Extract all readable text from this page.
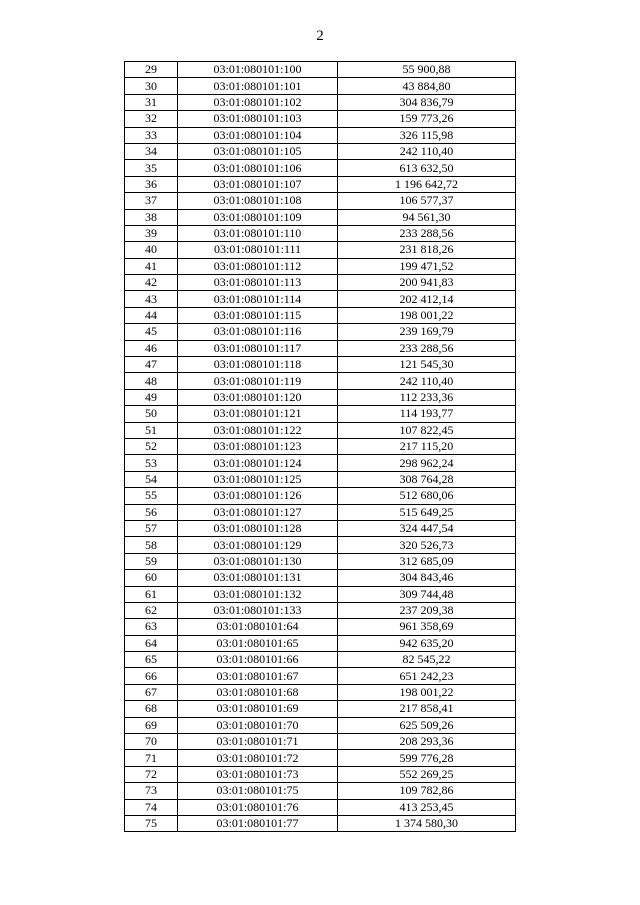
2
29	03:01:080101:100	55 900,88
30	03:01:080101:101	43 884,80
31	03:01:080101:102	304 836,79
32	03:01:080101:103	159 773,26
33	03:01:080101:104	326 115,98
34	03:01:080101:105	242 110,40
35	03:01:080101:106	613 632,50
36	03:01:080101:107	1 196 642,72
37	03:01:080101:108	106 577,37
38	03:01:080101:109	94 561,30
39	03:01:080101:110	233 288,56
40	03:01:080101:111	231 818,26
41	03:01:080101:112	199 471,52
42	03:01:080101:113	200 941,83
43	03:01:080101:114	202 412,14
44	03:01:080101:115	198 001,22
45	03:01:080101:116	239 169,79
46	03:01:080101:117	233 288,56
47	03:01:080101:118	121 545,30
48	03:01:080101:119	242 110,40
49	03:01:080101:120	112 233,36
50	03:01:080101:121	114 193,77
51	03:01:080101:122	107 822,45
52	03:01:080101:123	217 115,20
53	03:01:080101:124	298 962,24
54	03:01:080101:125	308 764,28
55	03:01:080101:126	512 680,06
56	03:01:080101:127	515 649,25
57	03:01:080101:128	324 447,54
58	03:01:080101:129	320 526,73
59	03:01:080101:130	312 685,09
60	03:01:080101:131	304 843,46
61	03:01:080101:132	309 744,48
62	03:01:080101:133	237 209,38
63	03:01:080101:64	961 358,69
64	03:01:080101:65	942 635,20
65	03:01:080101:66	82 545,22
66	03:01:080101:67	651 242,23
67	03:01:080101:68	198 001,22
68	03:01:080101:69	217 858,41
69	03:01:080101:70	625 509,26
70	03:01:080101:71	208 293,36
71	03:01:080101:72	599 776,28
72	03:01:080101:73	552 269,25
73	03:01:080101:75	109 782,86
74	03:01:080101:76	413 253,45
75	03:01:080101:77	1 374 580,30
